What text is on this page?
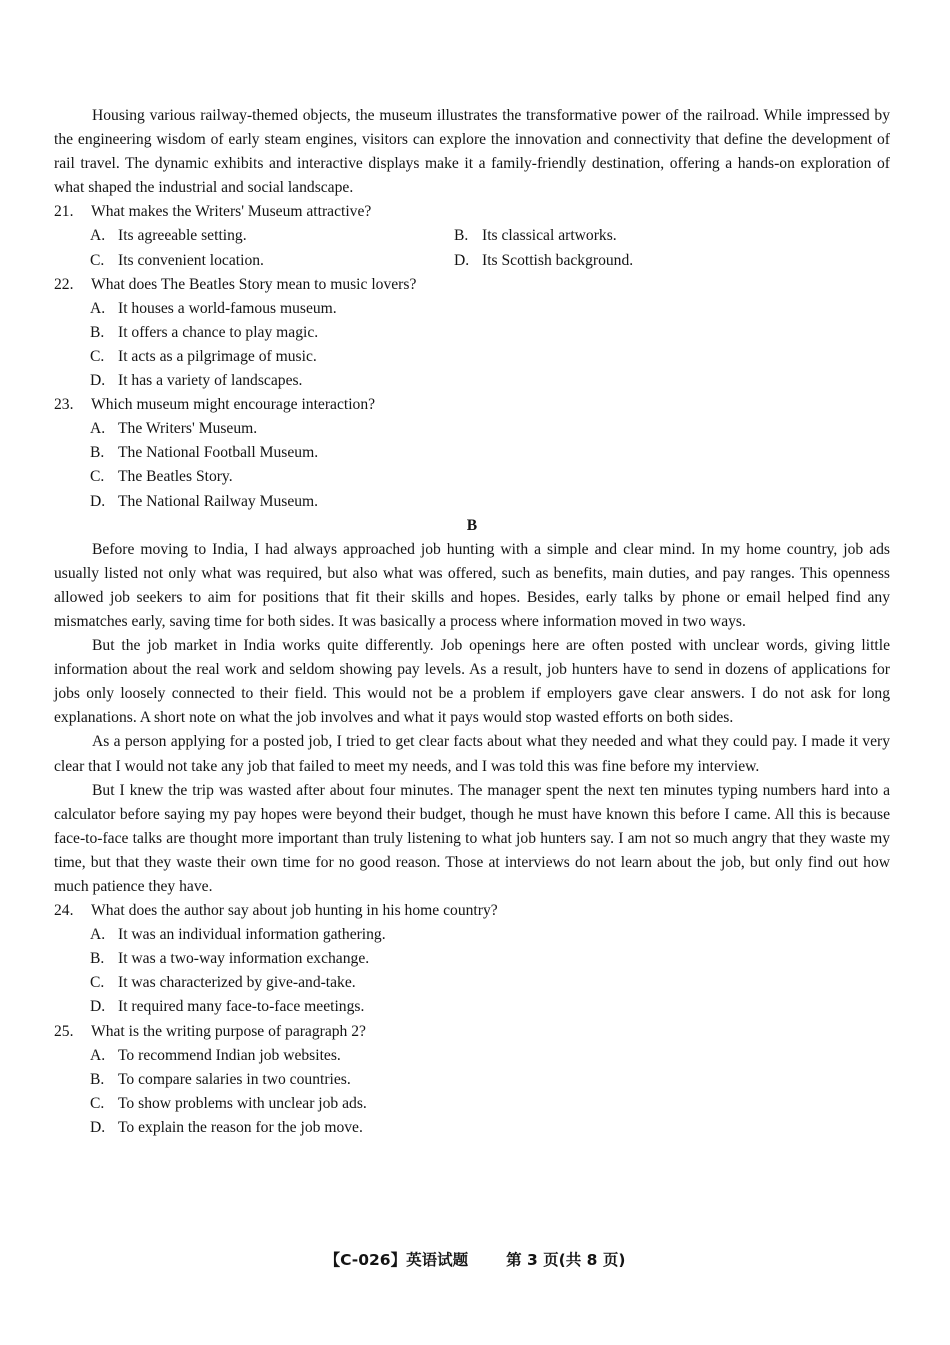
Housing various railway-themed objects, the museum illustrates the transformative power of the railroad. While impressed by the engineering wisdom of early steam engines, visitors can explore the innovation and connectivity that define the development of rail travel. The dynamic exhibits and interactive displays make it a family-friendly destination, offering a hands-on exploration of what shaped the industrial and social landscape.

21.	What makes the Writers' Museum attractive?
A. Its agreeable setting.	B. Its classical artworks.
C. Its convenient location.	D. Its Scottish background.
22.	What does The Beatles Story mean to music lovers?
A. It houses a world-famous museum.
B. It offers a chance to play magic.
C. It acts as a pilgrimage of music.
D. It has a variety of landscapes.
23.	Which museum might encourage interaction?
A. The Writers' Museum.
B. The National Football Museum.
C. The Beatles Story.
D. The National Railway Museum.

B

Before moving to India, I had always approached job hunting with a simple and clear mind. In my home country, job ads usually listed not only what was required, but also what was offered, such as benefits, main duties, and pay ranges. This openness allowed job seekers to aim for positions that fit their skills and hopes. Besides, early talks by phone or email helped find any mismatches early, saving time for both sides. It was basically a process where information moved in two ways.

But the job market in India works quite differently. Job openings here are often posted with unclear words, giving little information about the real work and seldom showing pay levels. As a result, job hunters have to send in dozens of applications for jobs only loosely connected to their field. This would not be a problem if employers gave clear answers. I do not ask for long explanations. A short note on what the job involves and what it pays would stop wasted efforts on both sides.

As a person applying for a posted job, I tried to get clear facts about what they needed and what they could pay. I made it very clear that I would not take any job that failed to meet my needs, and I was told this was fine before my interview.

But I knew the trip was wasted after about four minutes. The manager spent the next ten minutes typing numbers hard into a calculator before saying my pay hopes were beyond their budget, though he must have known this before I came. All this is because face-to-face talks are thought more important than truly listening to what job hunters say. I am not so much angry that they waste my time, but that they waste their own time for no good reason. Those at interviews do not learn about the job, but only find out how much patience they have.

24.	What does the author say about job hunting in his home country?
A. It was an individual information gathering.
B. It was a two-way information exchange.
C. It was characterized by give-and-take.
D. It required many face-to-face meetings.
25.	What is the writing purpose of paragraph 2?
A. To recommend Indian job websites.
B. To compare salaries in two countries.
C. To show problems with unclear job ads.
D. To explain the reason for the job move.
【C-026】英语试题 第 3 页(共 8 页)
